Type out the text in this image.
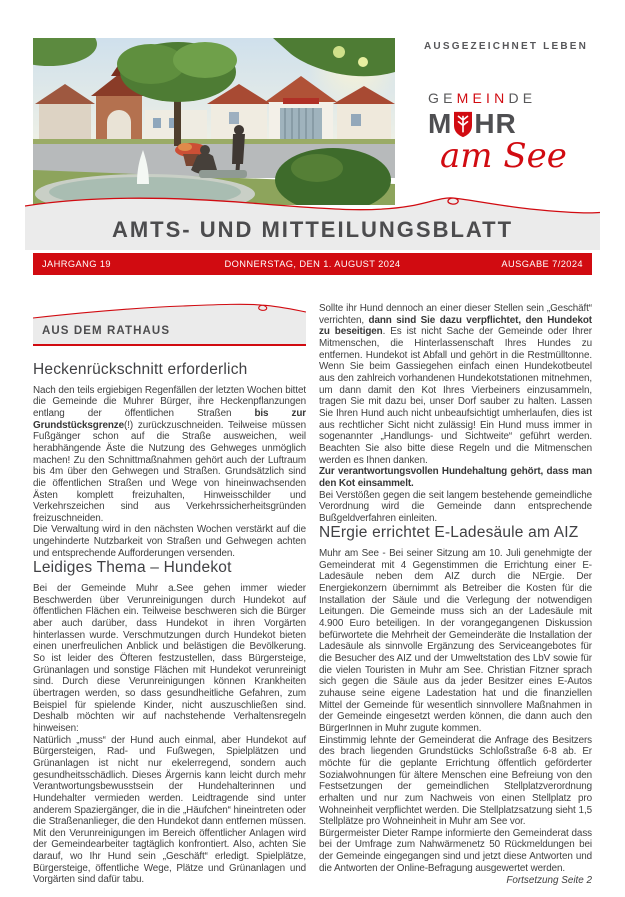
AUSGEZEICHNET LEBEN
GEMEINDE
M HR
am See
AMTS- UND MITTEILUNGSBLATT
JAHRGANG 19	DONNERSTAG, DEN 1. AUGUST 2024	AUSGABE 7/2024
AUS DEM RATHAUS
Heckenrückschnitt erforderlich

Nach den teils ergiebigen Regenfällen der letzten Wochen bittet die Gemeinde die Muhrer Bürger, ihre Heckenpflanzungen entlang der öffentlichen Straßen bis zur Grundstücksgrenze(!) zurückzuschneiden. Teilweise müssen Fußgänger schon auf die Straße ausweichen, weil herabhängende Äste die Nutzung des Gehweges unmöglich machen! Zu den Schnittmaßnahmen gehört auch der Luftraum bis 4m über den Gehwegen und Straßen. Grundsätzlich sind die öffentlichen Straßen und Wege von hineinwachsenden Ästen komplett freizuhalten, Hinweisschilder und Verkehrszeichen sind aus Verkehrssicherheitsgründen freizuschneiden.

Die Verwaltung wird in den nächsten Wochen verstärkt auf die ungehinderte Nutzbarkeit von Straßen und Gehwegen achten und entsprechende Aufforderungen versenden.

Leidiges Thema – Hundekot

Bei der Gemeinde Muhr a.See gehen immer wieder Beschwerden über Verunreinigungen durch Hundekot auf öffentlichen Flächen ein. Teilweise beschweren sich die Bürger aber auch darüber, dass Hundekot in ihren Vorgärten hinterlassen wurde. Verschmutzungen durch Hundekot bieten einen unerfreulichen Anblick und belästigen die Bevölkerung. So ist leider des Öfteren festzustellen, dass Bürgersteige, Grünanlagen und sonstige Flächen mit Hundekot verunreinigt sind. Durch diese Verunreinigungen können Krankheiten übertragen werden, so dass gesundheitliche Gefahren, zum Beispiel für spielende Kinder, nicht auszuschließen sind. Deshalb möchten wir auf nachstehende Verhaltensregeln hinweisen:

Natürlich „muss“ der Hund auch einmal, aber Hundekot auf Bürgersteigen, Rad- und Fußwegen, Spielplätzen und Grünanlagen ist nicht nur ekelerregend, sondern auch gesundheitsschädlich. Dieses Ärgernis kann leicht durch mehr Verantwortungsbewusstsein der Hundehalterinnen und Hundehalter vermieden werden. Leidtragende sind unter anderem Spaziergänger, die in die „Häufchen“ hineintreten oder die Straßenanlieger, die den Hundekot dann entfernen müssen. Mit den Verunreinigungen im Bereich öffentlicher Anlagen wird der Gemeindearbeiter tagtäglich konfrontiert. Also, achten Sie darauf, wo Ihr Hund sein „Geschäft“ erledigt. Spielplätze, Bürgersteige, öffentliche Wege, Plätze und Grünanlagen und Vorgärten sind dafür tabu.

Sollte ihr Hund dennoch an einer dieser Stellen sein „Geschäft“ verrichten, dann sind Sie dazu verpflichtet, den Hundekot zu beseitigen. Es ist nicht Sache der Gemeinde oder Ihrer Mitmenschen, die Hinterlassenschaft Ihres Hundes zu entfernen. Hundekot ist Abfall und gehört in die Restmülltonne. Wenn Sie beim Gassiegehen einfach einen Hundekotbeutel aus den zahlreich vorhandenen Hundekotstationen mitnehmen, um dann damit den Kot Ihres Vierbeiners einzusammeln, tragen Sie mit dazu bei, unser Dorf sauber zu halten. Lassen Sie Ihren Hund auch nicht unbeaufsichtigt umherlaufen, dies ist aus rechtlicher Sicht nicht zulässig! Ein Hund muss immer in sogenannter „Handlungs- und Sichtweite“ geführt werden. Beachten Sie also bitte diese Regeln und die Mitmenschen werden es Ihnen danken.

Zur verantwortungsvollen Hundehaltung gehört, dass man den Kot einsammelt.

Bei Verstößen gegen die seit langem bestehende gemeindliche Verordnung wird die Gemeinde dann entsprechende Bußgeldverfahren einleiten.

NErgie errichtet E-Ladesäule am AIZ

Muhr am See - Bei seiner Sitzung am 10. Juli genehmigte der Gemeinderat mit 4 Gegenstimmen die Errichtung einer E-Ladesäule neben dem AIZ durch die NErgie. Der Energiekonzern übernimmt als Betreiber die Kosten für die Installation der Säule und die Verlegung der notwendigen Leitungen. Die Gemeinde muss sich an der Ladesäule mit 4.900 Euro beteiligen. In der vorangegangenen Diskussion befürwortete die Mehrheit der Gemeinderäte die Installation der Ladesäule als sinnvolle Ergänzung des Serviceangebotes für die Besucher des AIZ und der Umweltstation des LbV sowie für die vielen Touristen in Muhr am See. Christian Fitzner sprach sich gegen die Säule aus da jeder Besitzer eines E-Autos zuhause seine eigene Ladestation hat und die finanziellen Mittel der Gemeinde für wesentlich sinnvollere Maßnahmen in der Gemeinde eingesetzt werden können, die dann auch den BürgerInnen in Muhr zugute kommen.

Einstimmig lehnte der Gemeinderat die Anfrage des Besitzers des brach liegenden Grundstücks Schloßstraße 6-8 ab. Er möchte für die geplante Errichtung öffentlich geförderter Sozialwohnungen für ältere Menschen eine Befreiung von den Festsetzungen der gemeindlichen Stellplatzverordnung erhalten und nur zum Nachweis von einen Stellplatz pro Wohneinheit verpflichtet werden. Die Stellplatzsatzung sieht 1,5 Stellplätze pro Wohneinheit in Muhr am See vor.

Bürgermeister Dieter Rampe informierte den Gemeinderat dass bei der Umfrage zum Nahwärmenetz 50 Rückmeldungen bei der Gemeinde eingegangen sind und jetzt diese Antworten und die Antworten der Online-Befragung ausgewertet werden.

Fortsetzung Seite 2
